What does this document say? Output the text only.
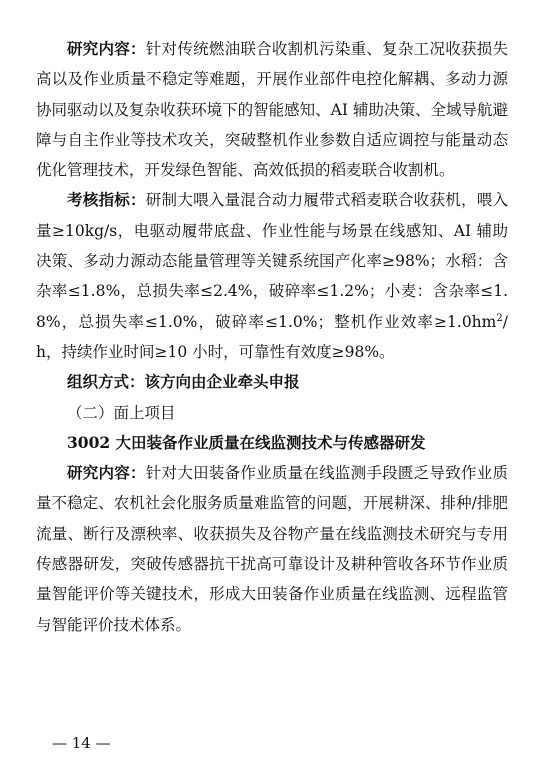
研究内容：针对传统燃油联合收割机污染重、复杂工况收获损失高以及作业质量不稳定等难题，开展作业部件电控化解耦、多动力源协同驱动以及复杂收获环境下的智能感知、AI 辅助决策、全域导航避障与自主作业等技术攻关，突破整机作业参数自适应调控与能量动态优化管理技术，开发绿色智能、高效低损的稻麦联合收割机。

考核指标：研制大喂入量混合动力履带式稻麦联合收获机，喂入量≥10kg/s，电驱动履带底盘、作业性能与场景在线感知、AI 辅助决策、多动力源动态能量管理等关键系统国产化率≥98%；水稻：含杂率≤1.8%，总损失率≤2.4%，破碎率≤1.2%；小麦：含杂率≤1.8%，总损失率≤1.0%，破碎率≤1.0%；整机作业效率$\ge 1.0hm^2/h$，持续作业时间≥10 小时，可靠性有效度≥98%。

组织方式：该方向由企业牵头申报

（二）面上项目

3002 大田装备作业质量在线监测技术与传感器研发

研究内容：针对大田装备作业质量在线监测手段匮乏导致作业质量不稳定、农机社会化服务质量难监管的问题，开展耕深、排种/排肥流量、断行及漂秧率、收获损失及谷物产量在线监测技术研究与专用传感器研发，突破传感器抗干扰高可靠设计及耕种管收各环节作业质量智能评价等关键技术，形成大田装备作业质量在线监测、远程监管与智能评价技术体系。

— 14 —
